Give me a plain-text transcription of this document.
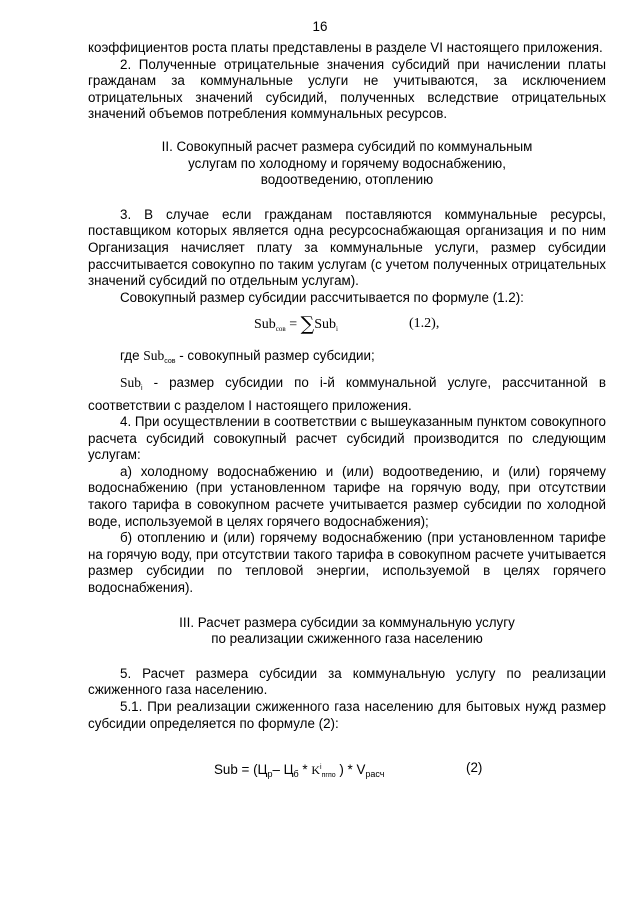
16

коэффициентов роста платы представлены в разделе VI настоящего приложения.

2. Полученные отрицательные значения субсидий при начислении платы гражданам за коммунальные услуги не учитываются, за исключением отрицательных значений субсидий, полученных вследствие отрицательных значений объемов потребления коммунальных ресурсов.

II. Совокупный расчет размера субсидий по коммунальным услугам по холодному и горячему водоснабжению, водоотведению, отоплению

3. В случае если гражданам поставляются коммунальные ресурсы, поставщиком которых является одна ресурсоснабжающая организация и по ним Организация начисляет плату за коммунальные услуги, размер субсидии рассчитывается совокупно по таким услугам (с учетом полученных отрицательных значений субсидий по отдельным услугам).

Совокупный размер субсидии рассчитывается по формуле (1.2):

Sub$_{сов}$ = ∑Sub$_i$	(1.2),

где Sub$_{сов}$ - совокупный размер субсидии;

Sub$_i$ - размер субсидии по i-й коммунальной услуге, рассчитанной в соответствии с разделом I настоящего приложения.

4. При осуществлении в соответствии с вышеуказанным пунктом совокупного расчета субсидий совокупный расчет субсидий производится по следующим услугам:

а) холодному водоснабжению и (или) водоотведению, и (или) горячему водоснабжению (при установленном тарифе на горячую воду, при отсутствии такого тарифа в совокупном расчете учитывается размер субсидии по холодной воде, используемой в целях горячего водоснабжения);

б) отоплению и (или) горячему водоснабжению (при установленном тарифе на горячую воду, при отсутствии такого тарифа в совокупном расчете учитывается размер субсидии по тепловой энергии, используемой в целях горячего водоснабжения).

III. Расчет размера субсидии за коммунальную услугу

по реализации сжиженного газа населению

5. Расчет размера субсидии за коммунальную услугу по реализации сжиженного газа населению.

5.1. При реализации сжиженного газа населению для бытовых нужд размер субсидии определяется по формуле (2):

Sub = ($Ц_р-$ $Ц_б * K^i_{пгпо}$ ) * $V_{расч}$	(2)
